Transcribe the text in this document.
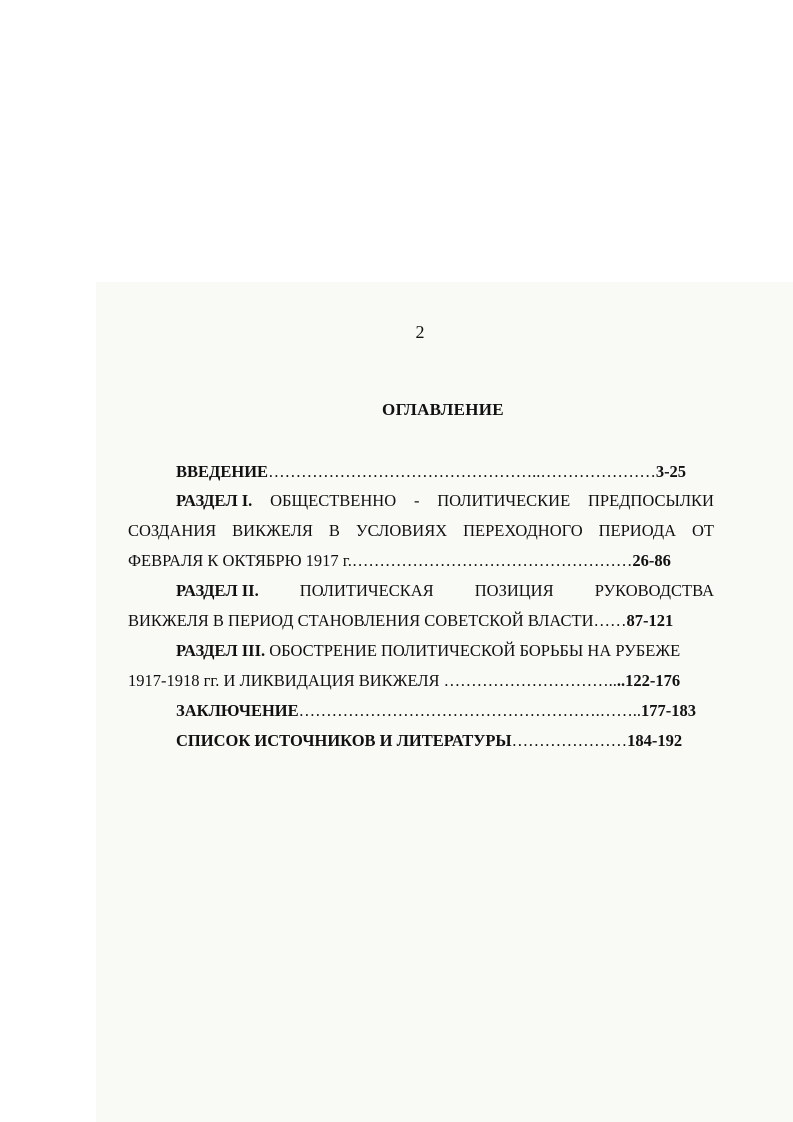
2
ОГЛАВЛЕНИЕ
ВВЕДЕНИЕ…………………………………………..…………………3-25
РАЗДЕЛ I. ОБЩЕСТВЕННО - ПОЛИТИЧЕСКИЕ ПРЕДПОСЫЛКИ
СОЗДАНИЯ ВИКЖЕЛЯ В УСЛОВИЯХ ПЕРЕХОДНОГО ПЕРИОДА ОТ
ФЕВРАЛЯ К ОКТЯБРЮ 1917 г.……………………………………………26-86
РАЗДЕЛ II. ПОЛИТИЧЕСКАЯ ПОЗИЦИЯ РУКОВОДСТВА
ВИКЖЕЛЯ В ПЕРИОД СТАНОВЛЕНИЯ СОВЕТСКОЙ ВЛАСТИ……87-121
РАЗДЕЛ III. ОБОСТРЕНИЕ ПОЛИТИЧЕСКОЙ БОРЬБЫ НА РУБЕЖЕ
1917-1918 гг. И ЛИКВИДАЦИЯ ВИКЖЕЛЯ …………………………....122-176
ЗАКЛЮЧЕНИЕ……………………………………………….……..177-183
СПИСОК ИСТОЧНИКОВ И ЛИТЕРАТУРЫ…………………184-192
